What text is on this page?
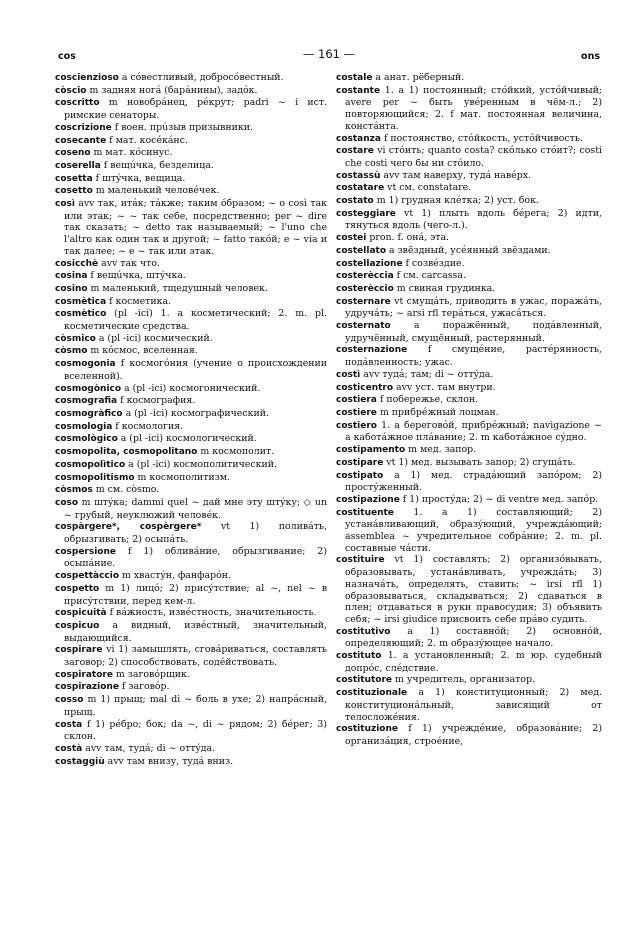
cos	— 161 —	ons

coscienzioso a сóвестливый, добросóвестный.

còscio m задняя ногá (барáнины), задóк.

coscritto m новобрáнец, рéкрут; padri ~ i ист. римские сенаторы.

coscrizione f воен. прúзыв призывники.

cosecante f мат. косéкáнс.

coseno m мат. кóсинус.

coserella f вещúчка, безделица.

cosetta f штýчка, вещица.

cosetto m маленький человéчек.

così avv так, итáк; тáкже; таким óбразом; ~ o così так или этак; ~ ~ так себе, посредственно; per ~ dire так сказать; ~ detto так называемый; ~ l'uno che l'altro как один так и другой; ~ fatto такóй; e ~ via и так далее; ~ e ~ так или этак.

cosicchè avv так что.

cosina f вещúчка, штýчка.

cosino m маленький, тщедушный человек.

cosmètica f косметика.

cosmètico (pl -ici) 1. a косметический; 2. m. pl. косметические средства.

còsmico a (pl -ici) космический.

còsmo m кóсмос, вселенная.

cosmogonia f космогóния (учение о происхождении вселенной).

cosmogònico a (pl -ici) космогонический.

cosmografia f космография.

cosmogràfico a (pl -ici) космографический.

cosmologia f космология.

cosmològico a (pl -ici) космологический.

cosmopolita, cosmopolitano m космополит.

cosmopolìtico a (pl -ici) космополитический.

cosmopolitismo m космополитизм.

còsmos m см. còsmo.

coso m штýка; dammi quel ~ дай мне эту штýку; ◇ un ~ грубый, неуклюжий человéк.

cospàrgere*, cospèrgere* vt 1) поливáть, обрызгивать; 2) осыпáть.

cospersione f 1) обливáние, обрызгивание; 2) осыпáние.

cospettàccio m хвастýн, фанфарóн.

cospetto m 1) лицó; 2) присýтствие; al ~, nel ~ в присýтствии, перед кем-л.

cospicuità f вáжность, извéстность, значительность.

cospicuo a видный, извéстный, значительный, выдающийся.

cospirare vi 1) замышлять, сговáриваться, составлять заговор; 2) способствовать, содéйствовать.

cospiratore m заговóрщик.

cospirazione f заговóр.

cosso m 1) прыщ; mal di ~ боль в ухе; 2) напрáсный, прыщ.

costa f 1) рéбро; бок; da ~, di ~ рядом; 2) бéрег; 3) склон.

costà avv там, тудá; di ~ оттýда.

costaggiù avv там внизу, тудá вниз.

costale a анат. рёберный.

costante 1. a 1) постоянный; стóйкий, устóйчивый; avere per ~ быть увéренным в чём-л.; 2) повторяющийся; 2. f мат. постоянная величина, констáнта.

costanza f постоянство, стóйкость, устóйчивость.

costare vi стóить; quanto costa? скóлько стóит?; costi che costi чего бы ни стóило.

costassù avv там наверху, тудá навéрх.

costatare vt см. constatare.

costato m 1) грудная клéтка; 2) уст. бок.

costeggiare vt 1) плыть вдоль бéрега; 2) идти, тянуться вдоль (чего-л.).

costei pron. f. онá, эта.

costellato a звёздный, усéянный звёздами.

costellazione f созвéздие.

costerèccia f см. carcassa.

costerèccio m свиная грудинка.

costernare vt смущáть, приводить в ужас, поражáть, удручáть; ~ arsi rfl терáться, ужасáться.

costernato a поражённый, подáвленный, удручённый, смущённый, растерянный.

costernazione f смущéние, растéрянность, подáвленность; ужас.

costì avv тудá; там; di ~ оттýда.

costicentro avv уст. там внутри.

costiera f побережье, склон.

costiere m прибрéжный лоцман.

costiero 1. a береговóй, прибрéжный; navigazione ~ a каботáжное плáвание; 2. m каботáжное сýдно.

costipamento m мед. запор.

costipare vt 1) мед. вызывать запор; 2) сгущáть.

costipato a 1) мед. страдáющий запóром; 2) простýженный.

costipazione f 1) простýда; 2) ~ di ventre мед. запóр.

costituente 1. a 1) составляющий; 2) устанáвливающий, образýющий, учреждáющий; assemblea ~ учредительное собрáние; 2. m. pl. составные чáсти.

costituire vt 1) составлять; 2) организóвывать, образовывать, устанáвливать, учреждáть; 3) назначáть, определять, ставить; ~ irsi rfl 1) образовываться, складываться; 2) сдаваться в плен; отдаваться в руки правосудия; 3) объявить себя; ~ irsi giudice присвоить себе прáво судить.

costitutivo a 1) составнóй; 2) основнóй, определяющий; 2. m образýющее начало.

costituto 1. a установленный; 2. m юр. судебный допрóс, слéдствие.

costitutore m учредитель, организатор.

costituzionale a 1) конституционный; 2) мед. конституционáльный, зависящий от телосложéния.

costituzione f 1) учреждéние, образовáние; 2) организáция, строéние,
